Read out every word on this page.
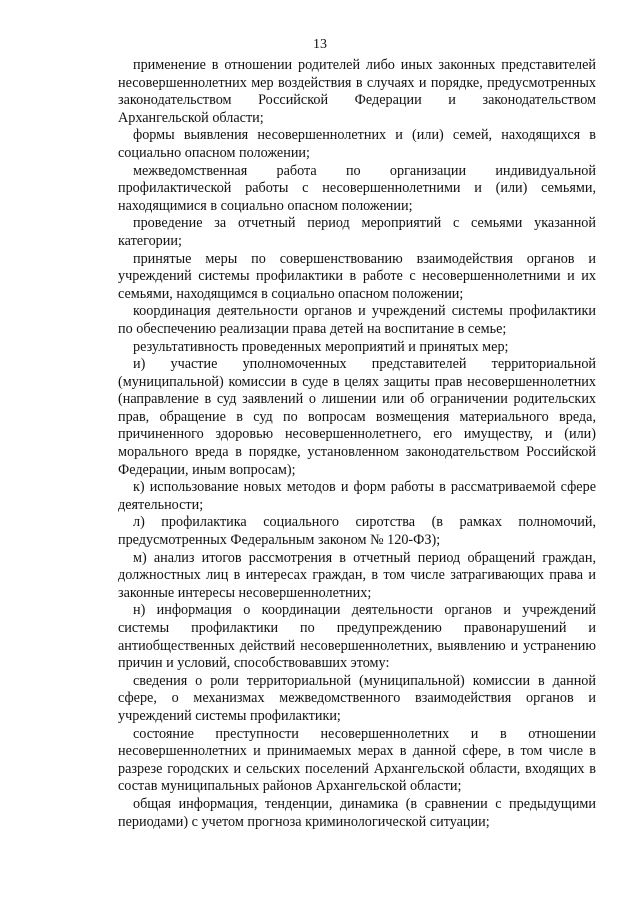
13

применение в отношении родителей либо иных законных представителей несовершеннолетних мер воздействия в случаях и порядке, предусмотренных законодательством Российской Федерации и законодательством Архангельской области;

формы выявления несовершеннолетних и (или) семей, находящихся в социально опасном положении;

межведомственная работа по организации индивидуальной профилактической работы с несовершеннолетними и (или) семьями, находящимися в социально опасном положении;

проведение за отчетный период мероприятий с семьями указанной категории;

принятые меры по совершенствованию взаимодействия органов и учреждений системы профилактики в работе с несовершеннолетними и их семьями, находящимся в социально опасном положении;

координация деятельности органов и учреждений системы профилактики по обеспечению реализации права детей на воспитание в семье;

результативность проведенных мероприятий и принятых мер;

и) участие уполномоченных представителей территориальной (муниципальной) комиссии в суде в целях защиты прав несовершеннолетних (направление в суд заявлений о лишении или об ограничении родительских прав, обращение в суд по вопросам возмещения материального вреда, причиненного здоровью несовершеннолетнего, его имуществу, и (или) морального вреда в порядке, установленном законодательством Российской Федерации, иным вопросам);

к) использование новых методов и форм работы в рассматриваемой сфере деятельности;

л) профилактика социального сиротства (в рамках полномочий, предусмотренных Федеральным законом № 120-ФЗ);

м) анализ итогов рассмотрения в отчетный период обращений граждан, должностных лиц в интересах граждан, в том числе затрагивающих права и законные интересы несовершеннолетних;

н) информация о координации деятельности органов и учреждений системы профилактики по предупреждению правонарушений и антиобщественных действий несовершеннолетних, выявлению и устранению причин и условий, способствовавших этому:

сведения о роли территориальной (муниципальной) комиссии в данной сфере, о механизмах межведомственного взаимодействия органов и учреждений системы профилактики;

состояние преступности несовершеннолетних и в отношении несовершеннолетних и принимаемых мерах в данной сфере, в том числе в разрезе городских и сельских поселений Архангельской области, входящих в состав муниципальных районов Архангельской области;

общая информация, тенденции, динамика (в сравнении с предыдущими периодами) с учетом прогноза криминологической ситуации;
